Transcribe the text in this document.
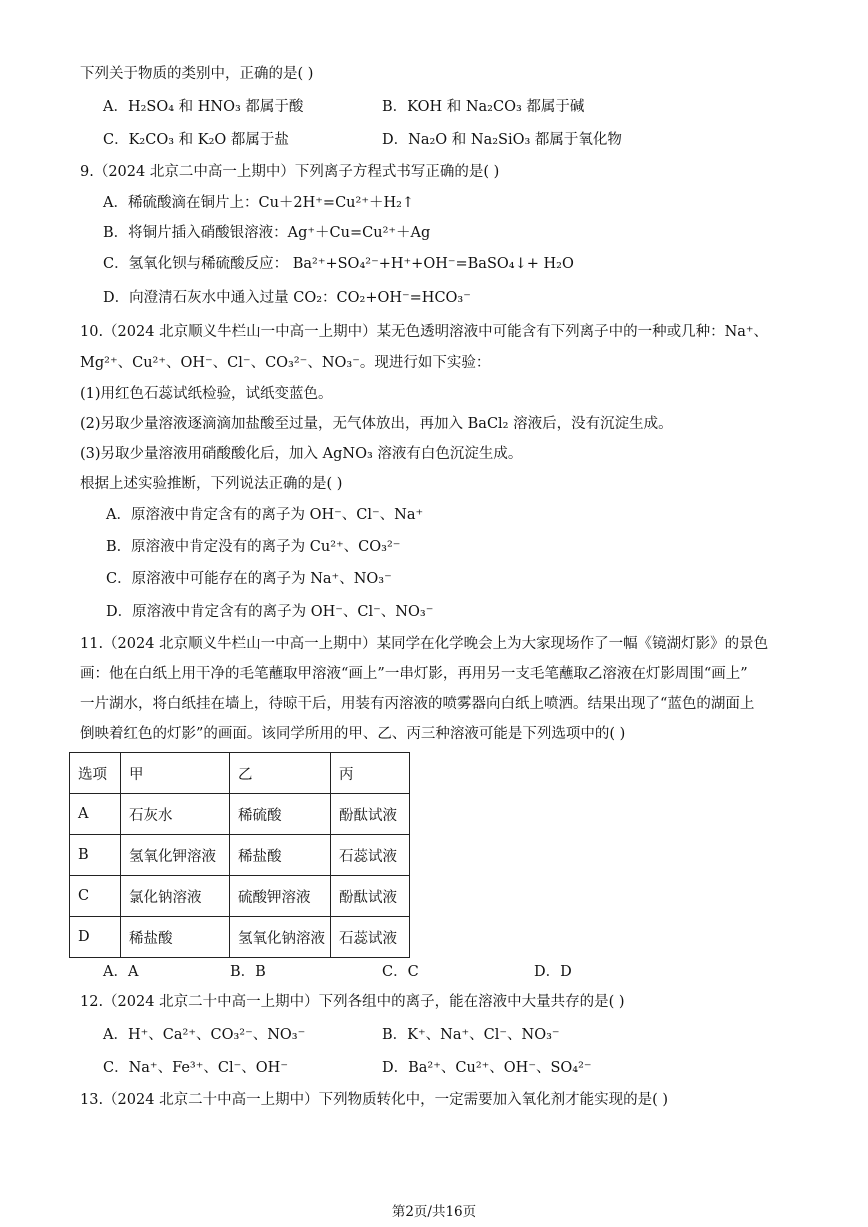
下列关于物质的类别中，正确的是( )
A．H₂SO₄ 和 HNO₃ 都属于酸	B．KOH 和 Na₂CO₃ 都属于碱
C．K₂CO₃ 和 K₂O 都属于盐	D．Na₂O 和 Na₂SiO₃ 都属于氧化物
9.（2024 北京二中高一上期中）下列离子方程式书写正确的是( )
A．稀硫酸滴在铜片上：Cu＋2H⁺=Cu²⁺＋H₂↑
B．将铜片插入硝酸银溶液：Ag⁺＋Cu=Cu²⁺＋Ag
C．氢氧化钡与稀硫酸反应： Ba²⁺+SO₄²⁻+H⁺+OH⁻=BaSO₄↓+ H₂O
D．向澄清石灰水中通入过量 CO₂：CO₂+OH⁻=HCO₃⁻
10.（2024 北京顺义牛栏山一中高一上期中）某无色透明溶液中可能含有下列离子中的一种或几种：Na⁺、
Mg²⁺、Cu²⁺、OH⁻、Cl⁻、CO₃²⁻、NO₃⁻。现进行如下实验：
(1)用红色石蕊试纸检验，试纸变蓝色。
(2)另取少量溶液逐滴滴加盐酸至过量，无气体放出，再加入 BaCl₂ 溶液后，没有沉淀生成。
(3)另取少量溶液用硝酸酸化后，加入 AgNO₃ 溶液有白色沉淀生成。
根据上述实验推断，下列说法正确的是( )
A．原溶液中肯定含有的离子为 OH⁻、Cl⁻、Na⁺
B．原溶液中肯定没有的离子为 Cu²⁺、CO₃²⁻
C．原溶液中可能存在的离子为 Na⁺、NO₃⁻
D．原溶液中肯定含有的离子为 OH⁻、Cl⁻、NO₃⁻
11.（2024 北京顺义牛栏山一中高一上期中）某同学在化学晚会上为大家现场作了一幅《镜湖灯影》的景色
画：他在白纸上用干净的毛笔蘸取甲溶液“画上”一串灯影，再用另一支毛笔蘸取乙溶液在灯影周围“画上”
一片湖水，将白纸挂在墙上，待晾干后，用装有丙溶液的喷雾器向白纸上喷洒。结果出现了“蓝色的湖面上
倒映着红色的灯影”的画面。该同学所用的甲、乙、丙三种溶液可能是下列选项中的( )
选项	甲	乙	丙
A	石灰水	稀硫酸	酚酞试液
B	氢氧化钾溶液	稀盐酸	石蕊试液
C	氯化钠溶液	硫酸钾溶液	酚酞试液
D	稀盐酸	氢氧化钠溶液	石蕊试液
A．A	B．B	C．C	D．D
12.（2024 北京二十中高一上期中）下列各组中的离子，能在溶液中大量共存的是( )
A．H⁺、Ca²⁺、CO₃²⁻、NO₃⁻	B．K⁺、Na⁺、Cl⁻、NO₃⁻
C．Na⁺、Fe³⁺、Cl⁻、OH⁻	D．Ba²⁺、Cu²⁺、OH⁻、SO₄²⁻
13.（2024 北京二十中高一上期中）下列物质转化中，一定需要加入氧化剂才能实现的是( )
第2页/共16页
